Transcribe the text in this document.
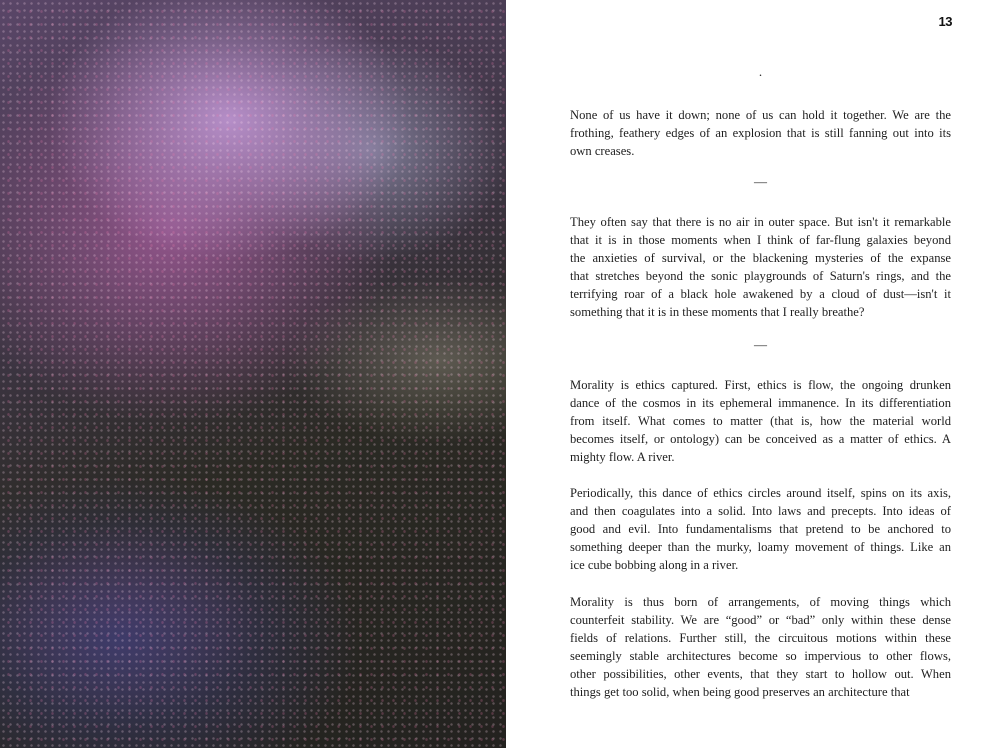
13
.
None of us have it down; none of us can hold it together. We are the
frothing, feathery edges of an explosion that is still fanning out into its
own creases.
—
They often say that there is no air in outer space. But isn't it remarkable
that it is in those moments when I think of far-flung galaxies beyond
the anxieties of survival, or the blackening mysteries of the expanse
that stretches beyond the sonic playgrounds of Saturn's rings, and the
terrifying roar of a black hole awakened by a cloud of dust—isn't it
something that it is in these moments that I really breathe?
—
Morality is ethics captured. First, ethics is flow, the ongoing drunken
dance of the cosmos in its ephemeral immanence. In its differentiation
from itself. What comes to matter (that is, how the material world
becomes itself, or ontology) can be conceived as a matter of ethics. A
mighty flow. A river.
Periodically, this dance of ethics circles around itself, spins on its axis,
and then coagulates into a solid. Into laws and precepts. Into ideas of
good and evil. Into fundamentalisms that pretend to be anchored to
something deeper than the murky, loamy movement of things. Like an
ice cube bobbing along in a river.
Morality is thus born of arrangements, of moving things which
counterfeit stability. We are “good” or “bad” only within these dense
fields of relations. Further still, the circuitous motions within these
seemingly stable architectures become so impervious to other flows,
other possibilities, other events, that they start to hollow out. When
things get too solid, when being good preserves an architecture that
